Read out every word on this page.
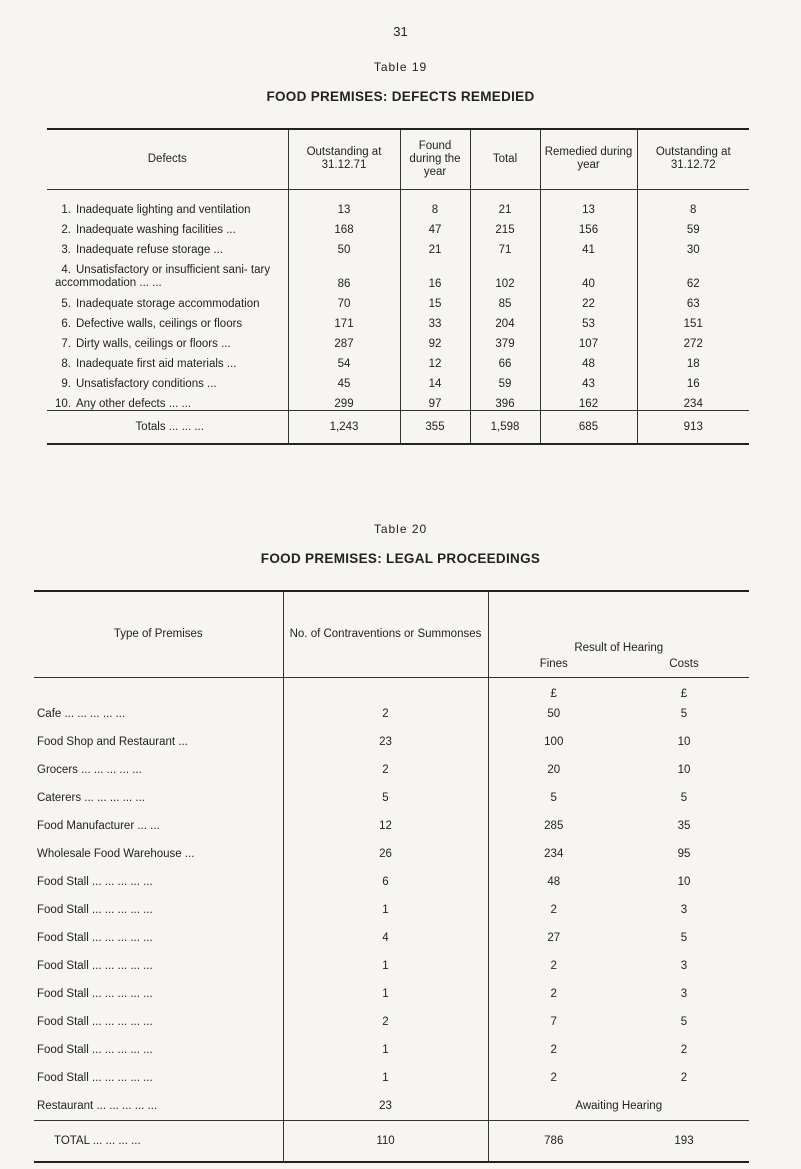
31
Table 19
FOOD PREMISES: DEFECTS REMEDIED
Defects	Outstanding at 31.12.71	Found during the year	Total	Remedied during year	Outstanding at 31.12.72
1. Inadequate lighting and ventilation	13	8	21	13	8
2. Inadequate washing facilities ...	168	47	215	156	59
3. Inadequate refuse storage ...	50	21	71	41	30
4. Unsatisfactory or insufficient sani- tary accommodation ... ...	86	16	102	40	62
5. Inadequate storage accommodation	70	15	85	22	63
6. Defective walls, ceilings or floors	171	33	204	53	151
7. Dirty walls, ceilings or floors ...	287	92	379	107	272
8. Inadequate first aid materials ...	54	12	66	48	18
9. Unsatisfactory conditions ...	45	14	59	43	16
10. Any other defects ... ...	299	97	396	162	234
Totals ... ... ...	1,243	355	1,598	685	913
Table 20
FOOD PREMISES: LEGAL PROCEEDINGS
Type of Premises	No. of Contraventions or Summonses	Result of Hearing	
		Fines	Costs
		£	£
Cafe ... ... ... ... ...	2	50	5
Food Shop and Restaurant ...	23	100	10
Grocers ... ... ... ... ...	2	20	10
Caterers ... ... ... ... ...	5	5	5
Food Manufacturer ... ...	12	285	35
Wholesale Food Warehouse ...	26	234	95
Food Stall ... ... ... ... ...	6	48	10
Food Stall ... ... ... ... ...	1	2	3
Food Stall ... ... ... ... ...	4	27	5
Food Stall ... ... ... ... ...	1	2	3
Food Stall ... ... ... ... ...	1	2	3
Food Stall ... ... ... ... ...	2	7	5
Food Stall ... ... ... ... ...	1	2	2
Food Stall ... ... ... ... ...	1	2	2
Restaurant ... ... ... ... ...	23	Awaiting Hearing	
TOTAL ... ... ... ...	110	786	193
